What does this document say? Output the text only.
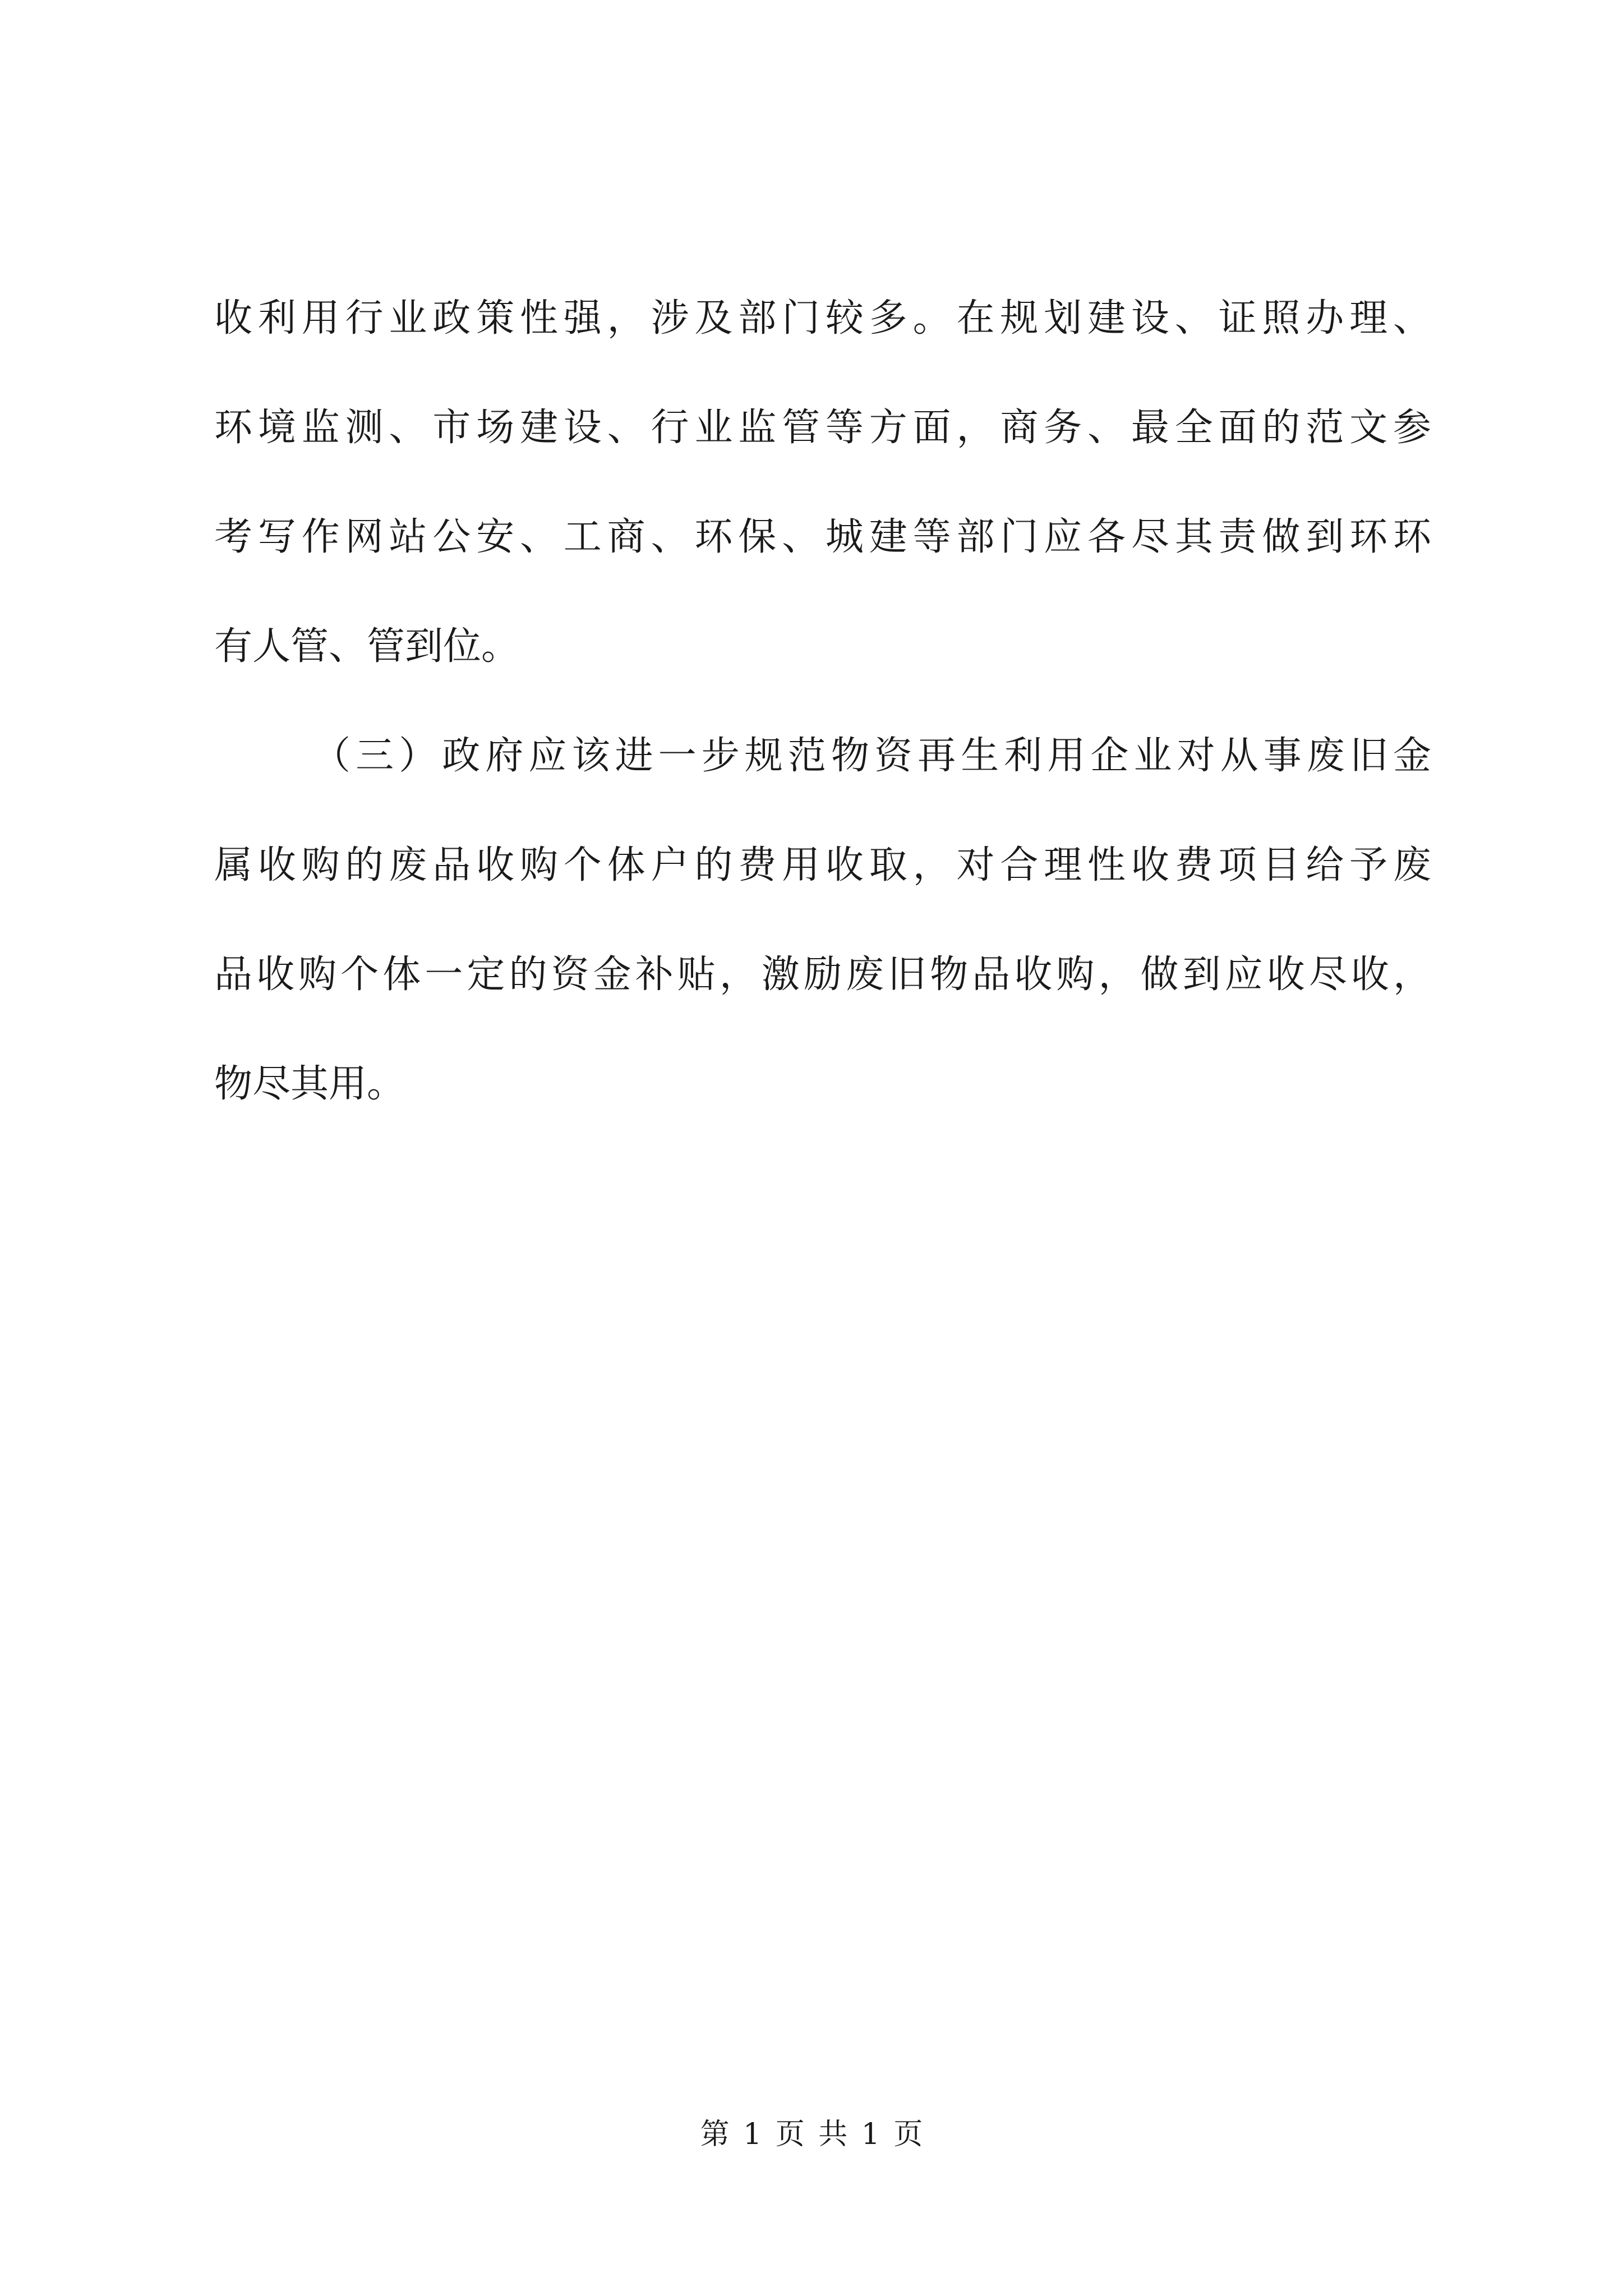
收利用行业政策性强，涉及部门较多。在规划建设、证照办理、
环境监测、市场建设、行业监管等方面，商务、最全面的范文参
考写作网站公安、工商、环保、城建等部门应各尽其责做到环环
有人管、管到位。
（三）政府应该进一步规范物资再生利用企业对从事废旧金
属收购的废品收购个体户的费用收取，对合理性收费项目给予废
品收购个体一定的资金补贴，激励废旧物品收购，做到应收尽收，
物尽其用。
第 1 页 共 1 页
